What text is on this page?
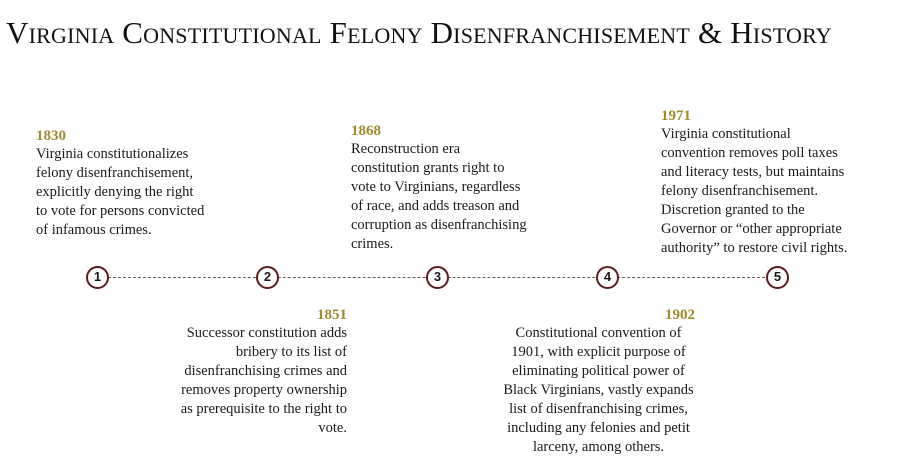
Virginia Constitutional Felony Disenfranchisement & History
1	2	3	4	5
1830
Virginia constitutionalizes
felony disenfranchisement,
explicitly denying the right
to vote for persons convicted
of infamous crimes.
1851
Successor constitution adds
bribery to its list of
disenfranchising crimes and
removes property ownership
as prerequisite to the right to
vote.
1868
Reconstruction era
constitution grants right to
vote to Virginians, regardless
of race, and adds treason and
corruption as disenfranchising
crimes.
1902
Constitutional convention of
1901, with explicit purpose of
eliminating political power of
Black Virginians, vastly expands
list of disenfranchising crimes,
including any felonies and petit
larceny, among others.
1971
Virginia constitutional
convention removes poll taxes
and literacy tests, but maintains
felony disenfranchisement.
Discretion granted to the
Governor or “other appropriate
authority” to restore civil rights.
